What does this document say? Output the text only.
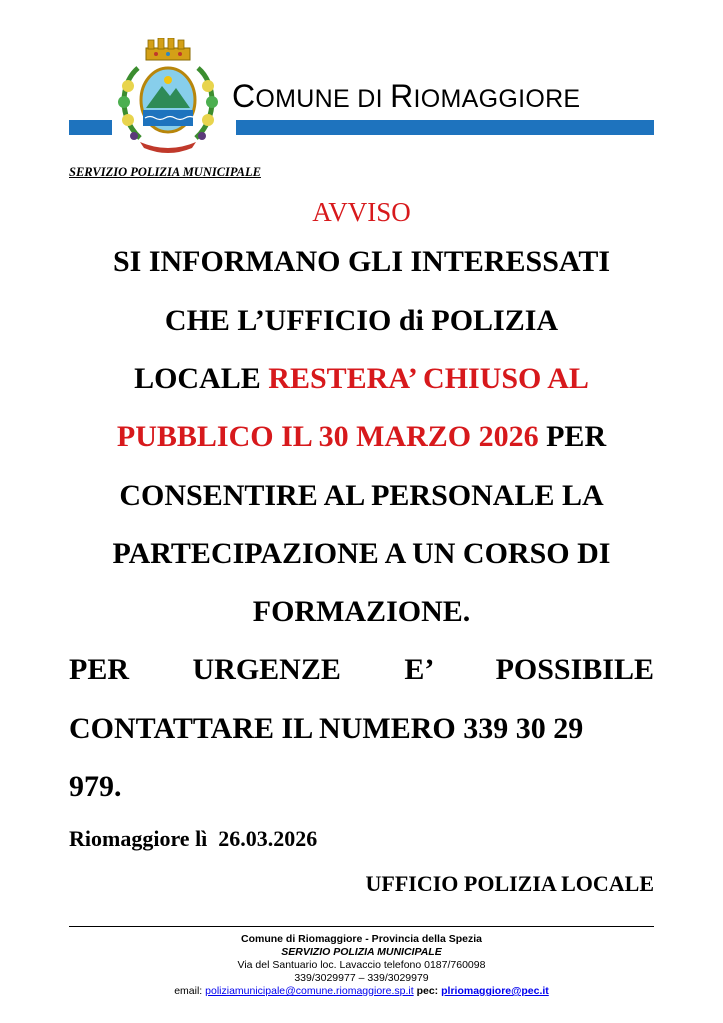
COMUNE DI RIOMAGGIORE
SERVIZIO POLIZIA MUNICIPALE
AVVISO
SI INFORMANO GLI INTERESSATI
CHE L’UFFICIO di POLIZIA
LOCALE RESTERA’ CHIUSO AL
PUBBLICO IL 30 MARZO 2026 PER
CONSENTIRE AL PERSONALE LA
PARTECIPAZIONE A UN CORSO DI
FORMAZIONE.
PER URGENZE E’ POSSIBILE
CONTATTARE IL NUMERO 339 30 29
979.
Riomaggiore lì  26.03.2026
UFFICIO POLIZIA LOCALE
Comune di Riomaggiore - Provincia della Spezia
SERVIZIO POLIZIA MUNICIPALE
Via del Santuario loc. Lavaccio telefono 0187/760098
339/3029977 – 339/3029979
email: poliziamunicipale@comune.riomaggiore.sp.it pec: plriomaggiore@pec.it
